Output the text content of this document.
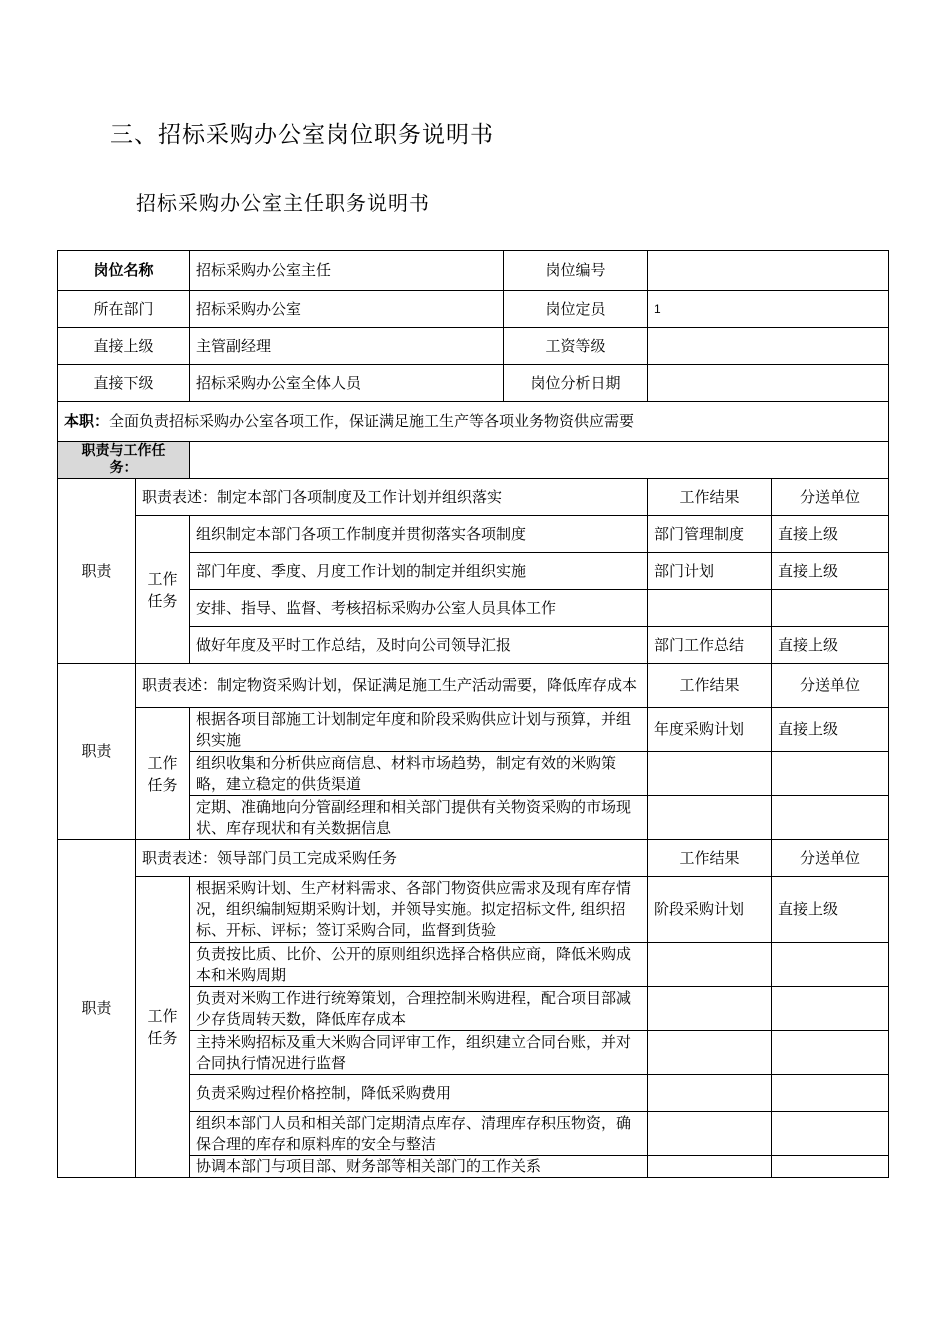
三、招标采购办公室岗位职务说明书
招标采购办公室主任职务说明书
岗位名称		招标采购办公室主任	岗位编号		
所在部门		招标采购办公室	岗位定员	1	
直接上级		主管副经理	工资等级		
直接下级		招标采购办公室全体人员	岗位分析日期		
本职：全面负责招标采购办公室各项工作，保证满足施工生产等各项业务物资供应需要					
职责与工作任务：					
职责	职责表述：制定本部门各项制度及工作计划并组织落实			工作结果	分送单位
	工作任务	组织制定本部门各项工作制度并贯彻落实各项制度		部门管理制度	直接上级
		部门年度、季度、月度工作计划的制定并组织实施		部门计划	直接上级
		安排、指导、监督、考核招标采购办公室人员具体工作			
		做好年度及平时工作总结，及时向公司领导汇报		部门工作总结	直接上级
职责	职责表述：制定物资采购计划，保证满足施工生产活动需要，降低库存成本			工作结果	分送单位
	工作任务	根据各项目部施工计划制定年度和阶段采购供应计划与预算，并组织实施		年度采购计划	直接上级
		组织收集和分析供应商信息、材料市场趋势，制定有效的米购策略，建立稳定的供货渠道			
		定期、准确地向分管副经理和相关部门提供有关物资采购的市场现状、库存现状和有关数据信息			
职责	职责表述：领导部门员工完成采购任务			工作结果	分送单位
	工作任务	根据采购计划、生产材料需求、各部门物资供应需求及现有库存情况，组织编制短期采购计划，并领导实施。拟定招标文件, 组织招标、开标、评标；签订采购合同，监督到货验		阶段采购计划	直接上级
		负责按比质、比价、公开的原则组织选择合格供应商，降低米购成本和米购周期			
		负责对米购工作进行统筹策划，合理控制米购进程，配合项目部减少存货周转天数，降低库存成本			
		主持米购招标及重大米购合同评审工作，组织建立合同台账，并对合同执行情况进行监督			
		负责采购过程价格控制，降低采购费用			
		组织本部门人员和相关部门定期清点库存、清理库存积压物资，确保合理的库存和原料库的安全与整洁			
		协调本部门与项目部、财务部等相关部门的工作关系			
